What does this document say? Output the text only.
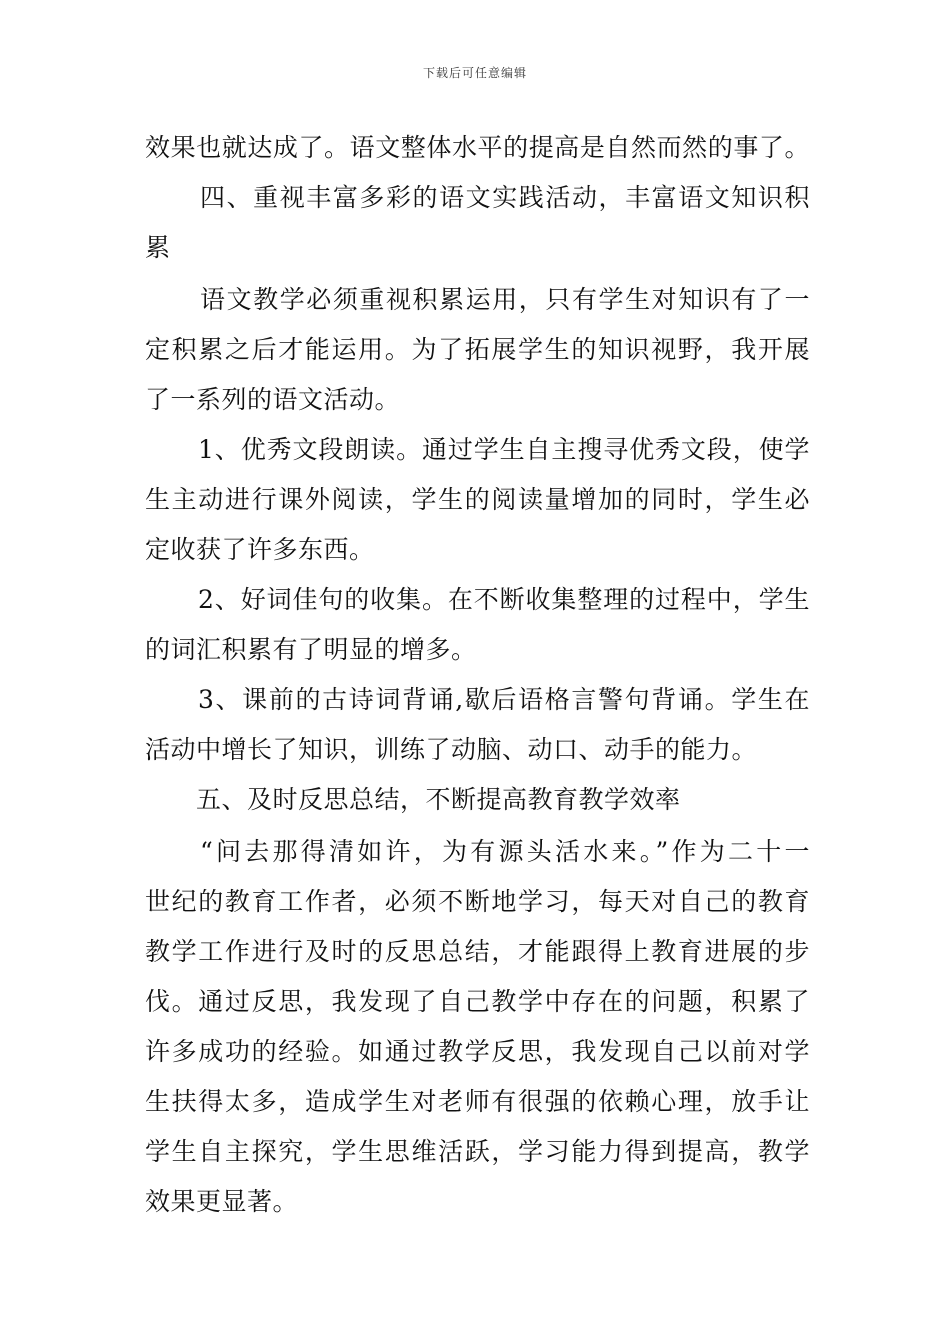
下载后可任意编辑
效果也就达成了。语文整体水平的提高是自然而然的事了。
四、重视丰富多彩的语文实践活动，丰富语文知识积
累
语文教学必须重视积累运用，只有学生对知识有了一
定积累之后才能运用。为了拓展学生的知识视野，我开展
了一系列的语文活动。
1、优秀文段朗读。通过学生自主搜寻优秀文段，使学
生主动进行课外阅读，学生的阅读量增加的同时，学生必
定收获了许多东西。
2、好词佳句的收集。在不断收集整理的过程中，学生
的词汇积累有了明显的增多。
3、课前的古诗词背诵,歇后语格言警句背诵。学生在
活动中增长了知识，训练了动脑、动口、动手的能力。
五、及时反思总结，不断提高教育教学效率
“问去那得清如许，为有源头活水来。”作为二十一
世纪的教育工作者，必须不断地学习，每天对自己的教育
教学工作进行及时的反思总结，才能跟得上教育进展的步
伐。通过反思，我发现了自己教学中存在的问题，积累了
许多成功的经验。如通过教学反思，我发现自己以前对学
生扶得太多，造成学生对老师有很强的依赖心理，放手让
学生自主探究，学生思维活跃，学习能力得到提高，教学
效果更显著。
